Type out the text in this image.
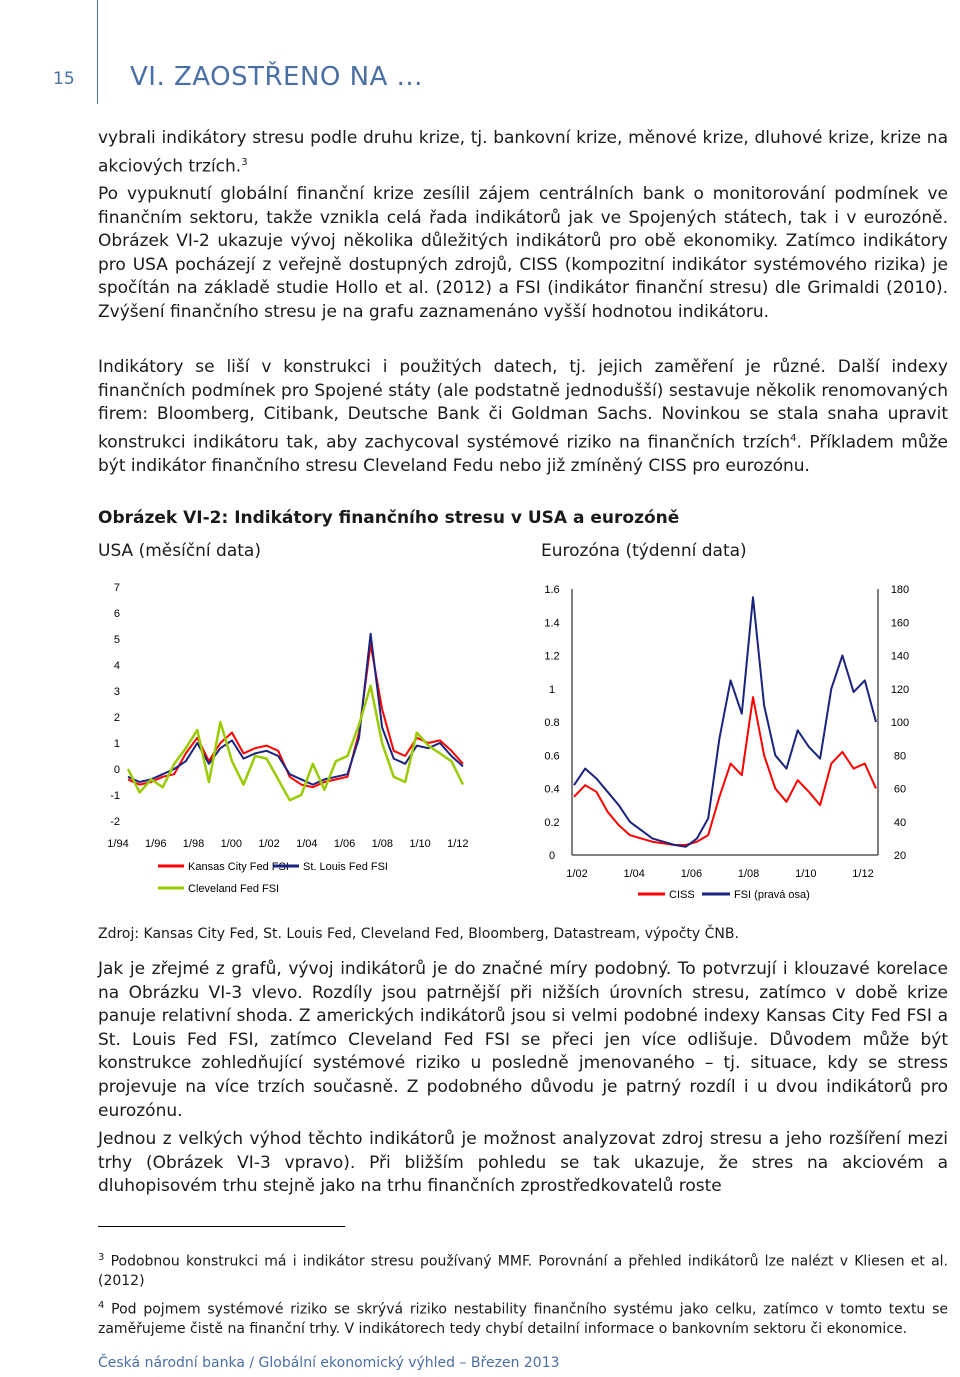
15 VI. ZAOSTŘENO NA ...

vybrali indikátory stresu podle druhu krize, tj. bankovní krize, měnové krize, dluhové krize, krize na akciových trzích.$^3$

Po vypuknutí globální finanční krize zesílil zájem centrálních bank o monitorování podmínek ve finančním sektoru, takže vznikla celá řada indikátorů jak ve Spojených státech, tak i v eurozóně. Obrázek VI-2 ukazuje vývoj několika důležitých indikátorů pro obě ekonomiky. Zatímco indikátory pro USA pocházejí z veřejně dostupných zdrojů, CISS (kompozitní indikátor systémového rizika) je spočítán na základě studie Hollo et al. (2012) a FSI (indikátor finanční stresu) dle Grimaldi (2010). Zvýšení finančního stresu je na grafu zaznamenáno vyšší hodnotou indikátoru.

Indikátory se liší v konstrukci i použitých datech, tj. jejich zaměření je různé. Další indexy finančních podmínek pro Spojené státy (ale podstatně jednodušší) sestavuje několik renomovaných firem: Bloomberg, Citibank, Deutsche Bank či Goldman Sachs. Novinkou se stala snaha upravit konstrukci indikátoru tak, aby zachycoval systémové riziko na finančních trzích$^4$. Příkladem může být indikátor finančního stresu Cleveland Fedu nebo již zmíněný CISS pro eurozónu.

Obrázek VI-2: Indikátory finančního stresu v USA a eurozóně
USA (měsíční data)	Eurozóna (týdenní data)
7
6
5
4
3
2
1
0
-1
-2
1/94 1/96 1/98 1/00 1/02 1/04 1/06 1/08 1/10 1/12
Kansas City Fed FSI St. Louis Fed FSI
Cleveland Fed FSI
1.6
1.4
1.2
1
0.8
0.6
0.4
0.2
0
180
160
140
120
100
80
60
40
20
1/02	1/04	1/06	1/08	1/10	1/12
CISS	FSI (pravá osa)
Zdroj: Kansas City Fed, St. Louis Fed, Cleveland Fed, Bloomberg, Datastream, výpočty ČNB.

Jak je zřejmé z grafů, vývoj indikátorů je do značné míry podobný. To potvrzují i klouzavé korelace na Obrázku VI-3 vlevo. Rozdíly jsou patrnější při nižších úrovních stresu, zatímco v době krize panuje relativní shoda. Z amerických indikátorů jsou si velmi podobné indexy Kansas City Fed FSI a St. Louis Fed FSI, zatímco Cleveland Fed FSI se přeci jen více odlišuje. Důvodem může být konstrukce zohledňující systémové riziko u posledně jmenovaného – tj. situace, kdy se stress projevuje na více trzích současně. Z podobného důvodu je patrný rozdíl i u dvou indikátorů pro eurozónu.

Jednou z velkých výhod těchto indikátorů je možnost analyzovat zdroj stresu a jeho rozšíření mezi trhy (Obrázek VI-3 vpravo). Při bližším pohledu se tak ukazuje, že stres na akciovém a dluhopisovém trhu stejně jako na trhu finančních zprostředkovatelů roste

$^3$ Podobnou konstrukci má i indikátor stresu používaný MMF. Porovnání a přehled indikátorů lze nalézt v Kliesen et al. (2012)

$^4$ Pod pojmem systémové riziko se skrývá riziko nestability finančního systému jako celku, zatímco v tomto textu se zaměřujeme čistě na finanční trhy. V indikátorech tedy chybí detailní informace o bankovním sektoru či ekonomice.

Česká národní banka / Globální ekonomický výhled – Březen 2013
